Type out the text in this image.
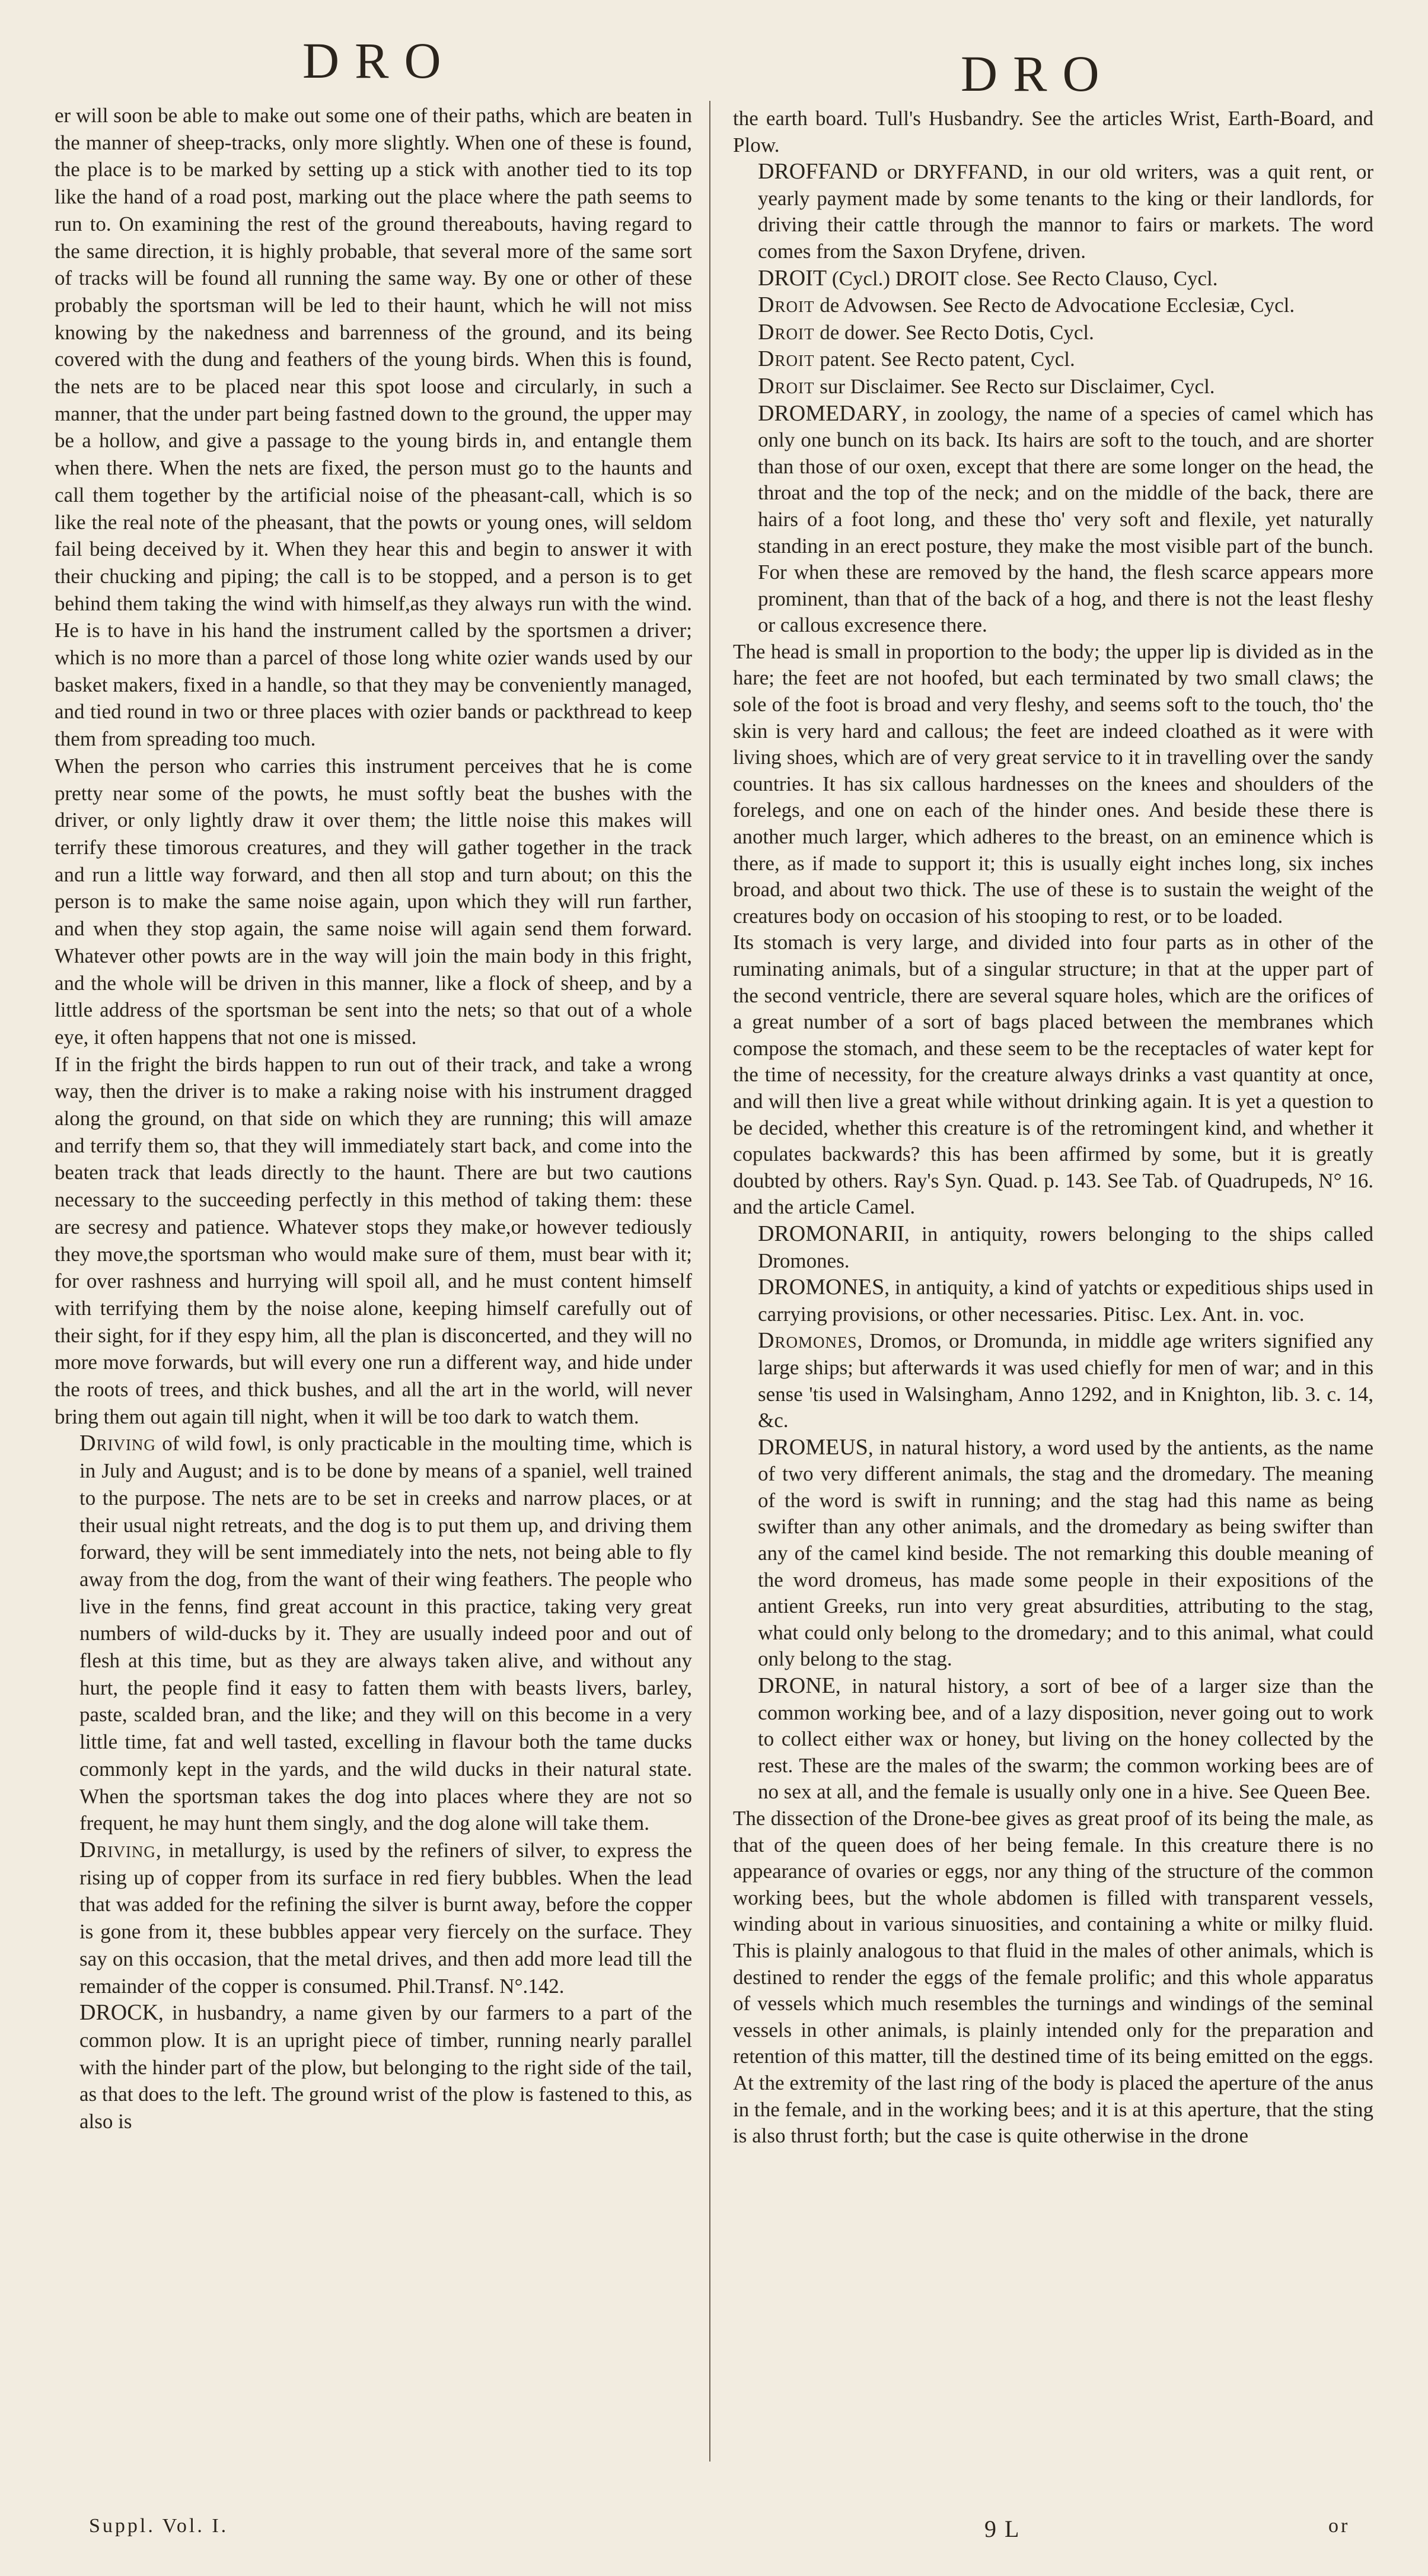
DRO	DRO

er will soon be able to make out some one of their paths, which are beaten in the manner of sheep-tracks, only more slightly. When one of these is found, the place is to be marked by setting up a stick with another tied to its top like the hand of a road post, marking out the place where the path seems to run to. On examining the rest of the ground thereabouts, having regard to the same direction, it is highly probable, that several more of the same sort of tracks will be found all running the same way. By one or other of these probably the sportsman will be led to their haunt, which he will not miss knowing by the nakedness and barrenness of the ground, and its being covered with the dung and feathers of the young birds. When this is found, the nets are to be placed near this spot loose and circularly, in such a manner, that the under part being fastned down to the ground, the upper may be a hollow, and give a passage to the young birds in, and entangle them when there. When the nets are fixed, the person must go to the haunts and call them together by the artificial noise of the pheasant-call, which is so like the real note of the pheasant, that the powts or young ones, will seldom fail being deceived by it. When they hear this and begin to answer it with their chucking and piping; the call is to be stopped, and a person is to get behind them taking the wind with himself,as they always run with the wind. He is to have in his hand the instrument called by the sportsmen a driver; which is no more than a parcel of those long white ozier wands used by our basket makers, fixed in a handle, so that they may be conveniently managed, and tied round in two or three places with ozier bands or packthread to keep them from spreading too much.

When the person who carries this instrument perceives that he is come pretty near some of the powts, he must softly beat the bushes with the driver, or only lightly draw it over them; the little noise this makes will terrify these timorous creatures, and they will gather together in the track and run a little way forward, and then all stop and turn about; on this the person is to make the same noise again, upon which they will run farther, and when they stop again, the same noise will again send them forward. Whatever other powts are in the way will join the main body in this fright, and the whole will be driven in this manner, like a flock of sheep, and by a little address of the sportsman be sent into the nets; so that out of a whole eye, it often happens that not one is missed.

If in the fright the birds happen to run out of their track, and take a wrong way, then the driver is to make a raking noise with his instrument dragged along the ground, on that side on which they are running; this will amaze and terrify them so, that they will immediately start back, and come into the beaten track that leads directly to the haunt. There are but two cautions necessary to the succeeding perfectly in this method of taking them: these are secresy and patience. Whatever stops they make,or however tediously they move,the sportsman who would make sure of them, must bear with it; for over rashness and hurrying will spoil all, and he must content himself with terrifying them by the noise alone, keeping himself carefully out of their sight, for if they espy him, all the plan is disconcerted, and they will no more move forwards, but will every one run a different way, and hide under the roots of trees, and thick bushes, and all the art in the world, will never bring them out again till night, when it will be too dark to watch them.

Driving of wild fowl, is only practicable in the moulting time, which is in July and August; and is to be done by means of a spaniel, well trained to the purpose. The nets are to be set in creeks and narrow places, or at their usual night retreats, and the dog is to put them up, and driving them forward, they will be sent immediately into the nets, not being able to fly away from the dog, from the want of their wing feathers. The people who live in the fenns, find great account in this practice, taking very great numbers of wild-ducks by it. They are usually indeed poor and out of flesh at this time, but as they are always taken alive, and without any hurt, the people find it easy to fatten them with beasts livers, barley, paste, scalded bran, and the like; and they will on this become in a very little time, fat and well tasted, excelling in flavour both the tame ducks commonly kept in the yards, and the wild ducks in their natural state. When the sportsman takes the dog into places where they are not so frequent, he may hunt them singly, and the dog alone will take them.

Driving, in metallurgy, is used by the refiners of silver, to express the rising up of copper from its surface in red fiery bubbles. When the lead that was added for the refining the silver is burnt away, before the copper is gone from it, these bubbles appear very fiercely on the surface. They say on this occasion, that the metal drives, and then add more lead till the remainder of the copper is consumed. Phil.Transf. N°.142.

DROCK, in husbandry, a name given by our farmers to a part of the common plow. It is an upright piece of timber, running nearly parallel with the hinder part of the plow, but belonging to the right side of the tail, as that does to the left. The ground wrist of the plow is fastened to this, as also is

the earth board. Tull's Husbandry. See the articles Wrist, Earth-Board, and Plow.

DROFFAND or DRYFFAND, in our old writers, was a quit rent, or yearly payment made by some tenants to the king or their landlords, for driving their cattle through the mannor to fairs or markets. The word comes from the Saxon Dryfene, driven.

DROIT (Cycl.) DROIT close. See Recto Clauso, Cycl.

Droit de Advowsen. See Recto de Advocatione Ecclesiæ, Cycl.

Droit de dower. See Recto Dotis, Cycl.

Droit patent. See Recto patent, Cycl.

Droit sur Disclaimer. See Recto sur Disclaimer, Cycl.

DROMEDARY, in zoology, the name of a species of camel which has only one bunch on its back. Its hairs are soft to the touch, and are shorter than those of our oxen, except that there are some longer on the head, the throat and the top of the neck; and on the middle of the back, there are hairs of a foot long, and these tho' very soft and flexile, yet naturally standing in an erect posture, they make the most visible part of the bunch. For when these are removed by the hand, the flesh scarce appears more prominent, than that of the back of a hog, and there is not the least fleshy or callous excresence there.

The head is small in proportion to the body; the upper lip is divided as in the hare; the feet are not hoofed, but each terminated by two small claws; the sole of the foot is broad and very fleshy, and seems soft to the touch, tho' the skin is very hard and callous; the feet are indeed cloathed as it were with living shoes, which are of very great service to it in travelling over the sandy countries. It has six callous hardnesses on the knees and shoulders of the forelegs, and one on each of the hinder ones. And beside these there is another much larger, which adheres to the breast, on an eminence which is there, as if made to support it; this is usually eight inches long, six inches broad, and about two thick. The use of these is to sustain the weight of the creatures body on occasion of his stooping to rest, or to be loaded.

Its stomach is very large, and divided into four parts as in other of the ruminating animals, but of a singular structure; in that at the upper part of the second ventricle, there are several square holes, which are the orifices of a great number of a sort of bags placed between the membranes which compose the stomach, and these seem to be the receptacles of water kept for the time of necessity, for the creature always drinks a vast quantity at once, and will then live a great while without drinking again. It is yet a question to be decided, whether this creature is of the retromingent kind, and whether it copulates backwards? this has been affirmed by some, but it is greatly doubted by others. Ray's Syn. Quad. p. 143. See Tab. of Quadrupeds, N° 16. and the article Camel.

DROMONARII, in antiquity, rowers belonging to the ships called Dromones.

DROMONES, in antiquity, a kind of yatchts or expeditious ships used in carrying provisions, or other necessaries. Pitisc. Lex. Ant. in. voc.

Dromones, Dromos, or Dromunda, in middle age writers signified any large ships; but afterwards it was used chiefly for men of war; and in this sense 'tis used in Walsingham, Anno 1292, and in Knighton, lib. 3. c. 14, &c.

DROMEUS, in natural history, a word used by the antients, as the name of two very different animals, the stag and the dromedary. The meaning of the word is swift in running; and the stag had this name as being swifter than any other animals, and the dromedary as being swifter than any of the camel kind beside. The not remarking this double meaning of the word dromeus, has made some people in their expositions of the antient Greeks, run into very great absurdities, attributing to the stag, what could only belong to the dromedary; and to this animal, what could only belong to the stag.

DRONE, in natural history, a sort of bee of a larger size than the common working bee, and of a lazy disposition, never going out to work to collect either wax or honey, but living on the honey collected by the rest. These are the males of the swarm; the common working bees are of no sex at all, and the female is usually only one in a hive. See Queen Bee.

The dissection of the Drone-bee gives as great proof of its being the male, as that of the queen does of her being female. In this creature there is no appearance of ovaries or eggs, nor any thing of the structure of the common working bees, but the whole abdomen is filled with transparent vessels, winding about in various sinuosities, and containing a white or milky fluid. This is plainly analogous to that fluid in the males of other animals, which is destined to render the eggs of the female prolific; and this whole apparatus of vessels which much resembles the turnings and windings of the seminal vessels in other animals, is plainly intended only for the preparation and retention of this matter, till the destined time of its being emitted on the eggs. At the extremity of the last ring of the body is placed the aperture of the anus in the female, and in the working bees; and it is at this aperture, that the sting is also thrust forth; but the case is quite otherwise in the drone

Suppl. Vol. I.	9 L	or
